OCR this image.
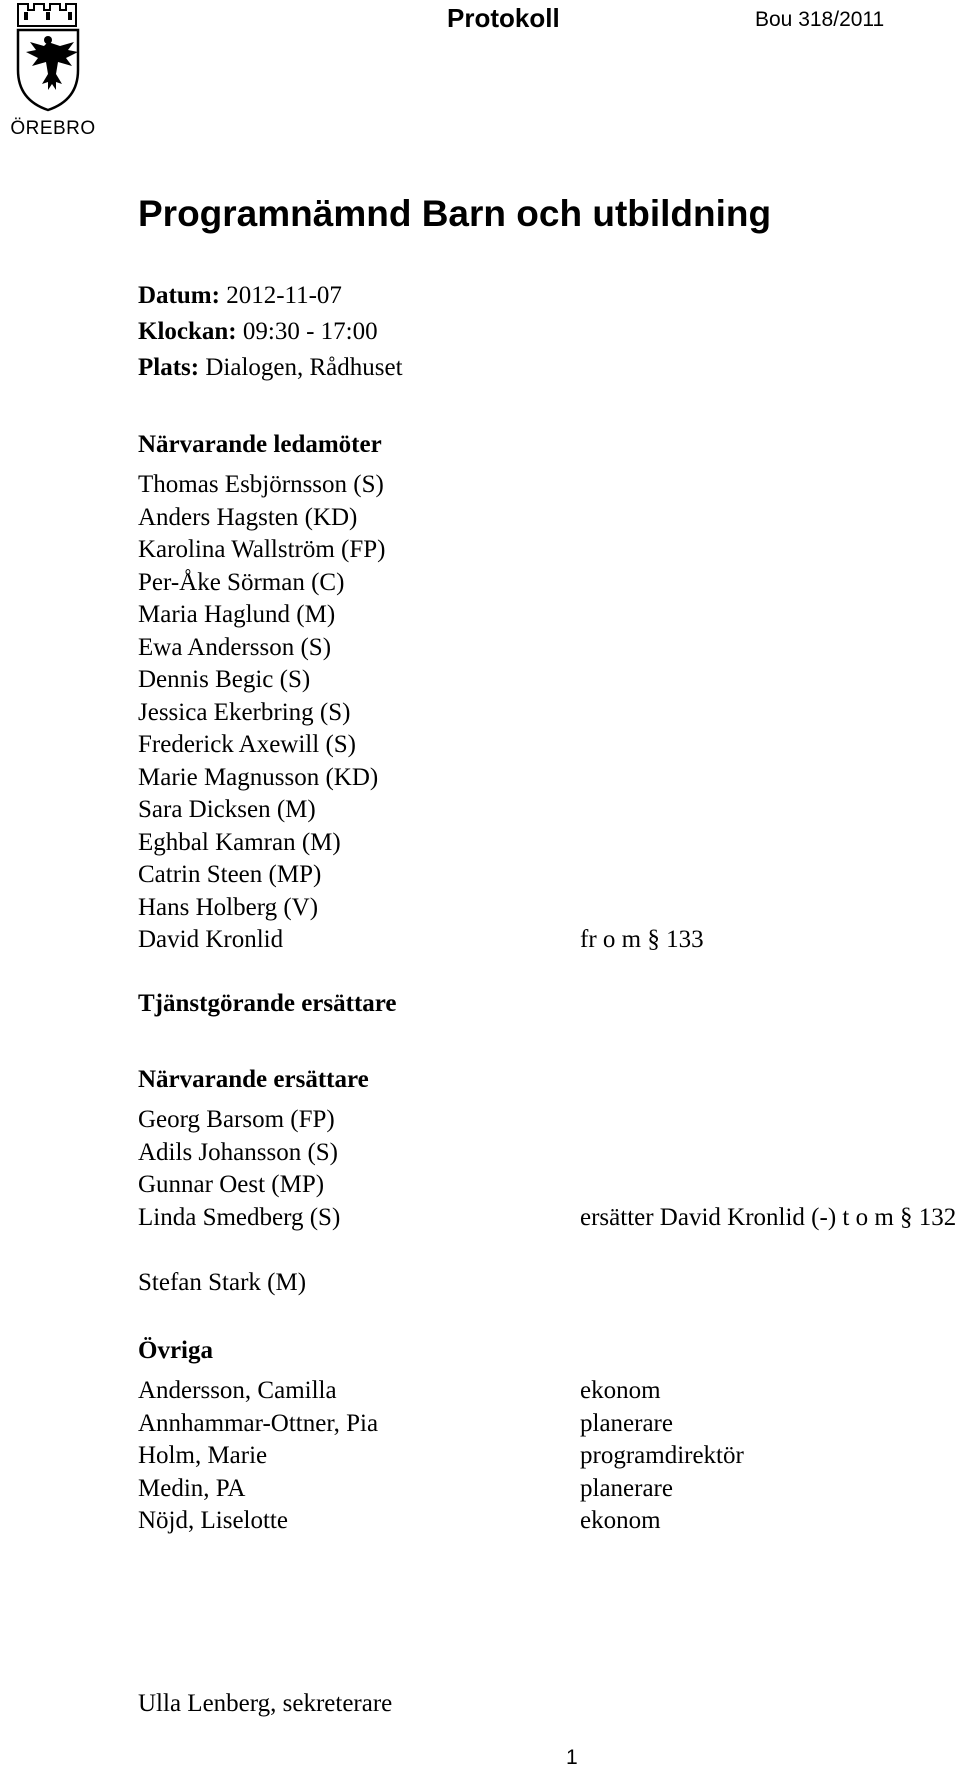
ÖREBRO
Protokoll	Bou 318/2011
Programnämnd Barn och utbildning
Datum: 2012-11-07
Klockan: 09:30 - 17:00
Plats: Dialogen, Rådhuset
Närvarande ledamöter
Thomas Esbjörnsson (S)
Anders Hagsten (KD)
Karolina Wallström (FP)
Per-Åke Sörman (C)
Maria Haglund (M)
Ewa Andersson (S)
Dennis Begic (S)
Jessica Ekerbring (S)
Frederick Axewill (S)
Marie Magnusson (KD)
Sara Dicksen (M)
Eghbal Kamran (M)
Catrin Steen (MP)
Hans Holberg (V)
David Kronlid	fr o m § 133
Tjänstgörande ersättare
Närvarande ersättare
Georg Barsom (FP)
Adils Johansson (S)
Gunnar Oest (MP)
Linda Smedberg (S)	ersätter David Kronlid (-) t o m § 132
Stefan Stark (M)
Övriga
Andersson, Camilla	ekonom
Annhammar-Ottner, Pia	planerare
Holm, Marie	programdirektör
Medin, PA	planerare
Nöjd, Liselotte	ekonom
Ulla Lenberg, sekreterare
1
